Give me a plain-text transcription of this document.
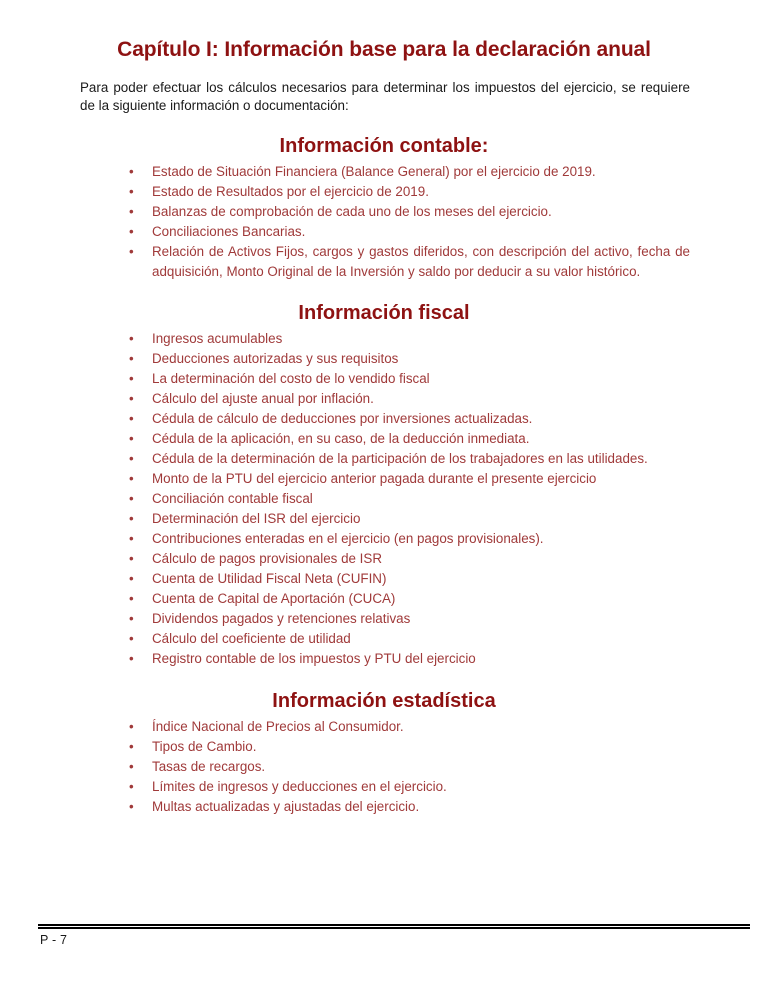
Capítulo I: Información base para la declaración anual

Para poder efectuar los cálculos necesarios para determinar los impuestos del ejercicio, se requiere de la siguiente información o documentación:

Información contable:
•	Estado de Situación Financiera (Balance General) por el ejercicio de 2019.
•	Estado de Resultados por el ejercicio de 2019.
•	Balanzas de comprobación de cada uno de los meses del ejercicio.
•	Conciliaciones Bancarias.
•	Relación de Activos Fijos, cargos y gastos diferidos, con descripción del activo, fecha de adquisición, Monto Original de la Inversión y saldo por deducir a su valor histórico.
Información fiscal
•	Ingresos acumulables
•	Deducciones autorizadas y sus requisitos
•	La determinación del costo de lo vendido fiscal
•	Cálculo del ajuste anual por inflación.
•	Cédula de cálculo de deducciones por inversiones actualizadas.
•	Cédula de la aplicación, en su caso, de la deducción inmediata.
•	Cédula de la determinación de la participación de los trabajadores en las utilidades.
•	Monto de la PTU del ejercicio anterior pagada durante el presente ejercicio
•	Conciliación contable fiscal
•	Determinación del ISR del ejercicio
•	Contribuciones enteradas en el ejercicio (en pagos provisionales).
•	Cálculo de pagos provisionales de ISR
•	Cuenta de Utilidad Fiscal Neta (CUFIN)
•	Cuenta de Capital de Aportación (CUCA)
•	Dividendos pagados y retenciones relativas
•	Cálculo del coeficiente de utilidad
•	Registro contable de los impuestos y PTU del ejercicio
Información estadística
•	Índice Nacional de Precios al Consumidor.
•	Tipos de Cambio.
•	Tasas de recargos.
•	Límites de ingresos y deducciones en el ejercicio.
•	Multas actualizadas y ajustadas del ejercicio.
P - 7
